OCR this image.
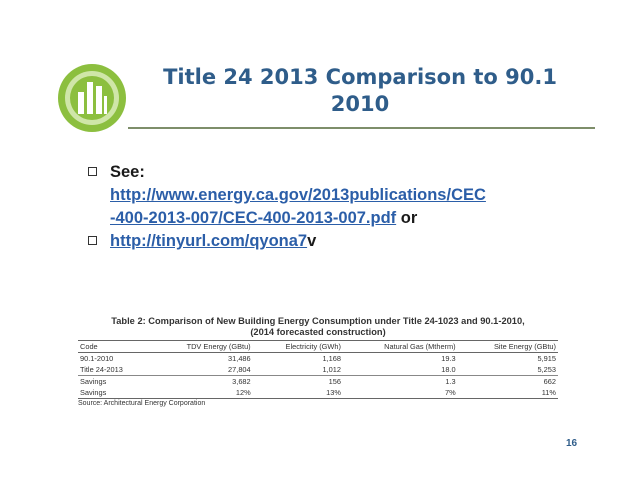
Title 24 2013 Comparison to 90.1
2010
See:
http://www.energy.ca.gov/2013publications/CEC
-400-2013-007/CEC-400-2013-007.pdf or
http://tinyurl.com/qyona7v
Table 2: Comparison of New Building Energy Consumption under Title 24-1023 and 90.1-2010,
(2014 forecasted construction)
Code	TDV Energy (GBtu)	Electricity (GWh)	Natural Gas (Mtherm)	Site Energy (GBtu)
90.1-2010	31,486	1,168	19.3	5,915
Title 24-2013	27,804	1,012	18.0	5,253
Savings	3,682	156	1.3	662
Savings	12%	13%	7%	11%
Source: Architectural Energy Corporation
16
